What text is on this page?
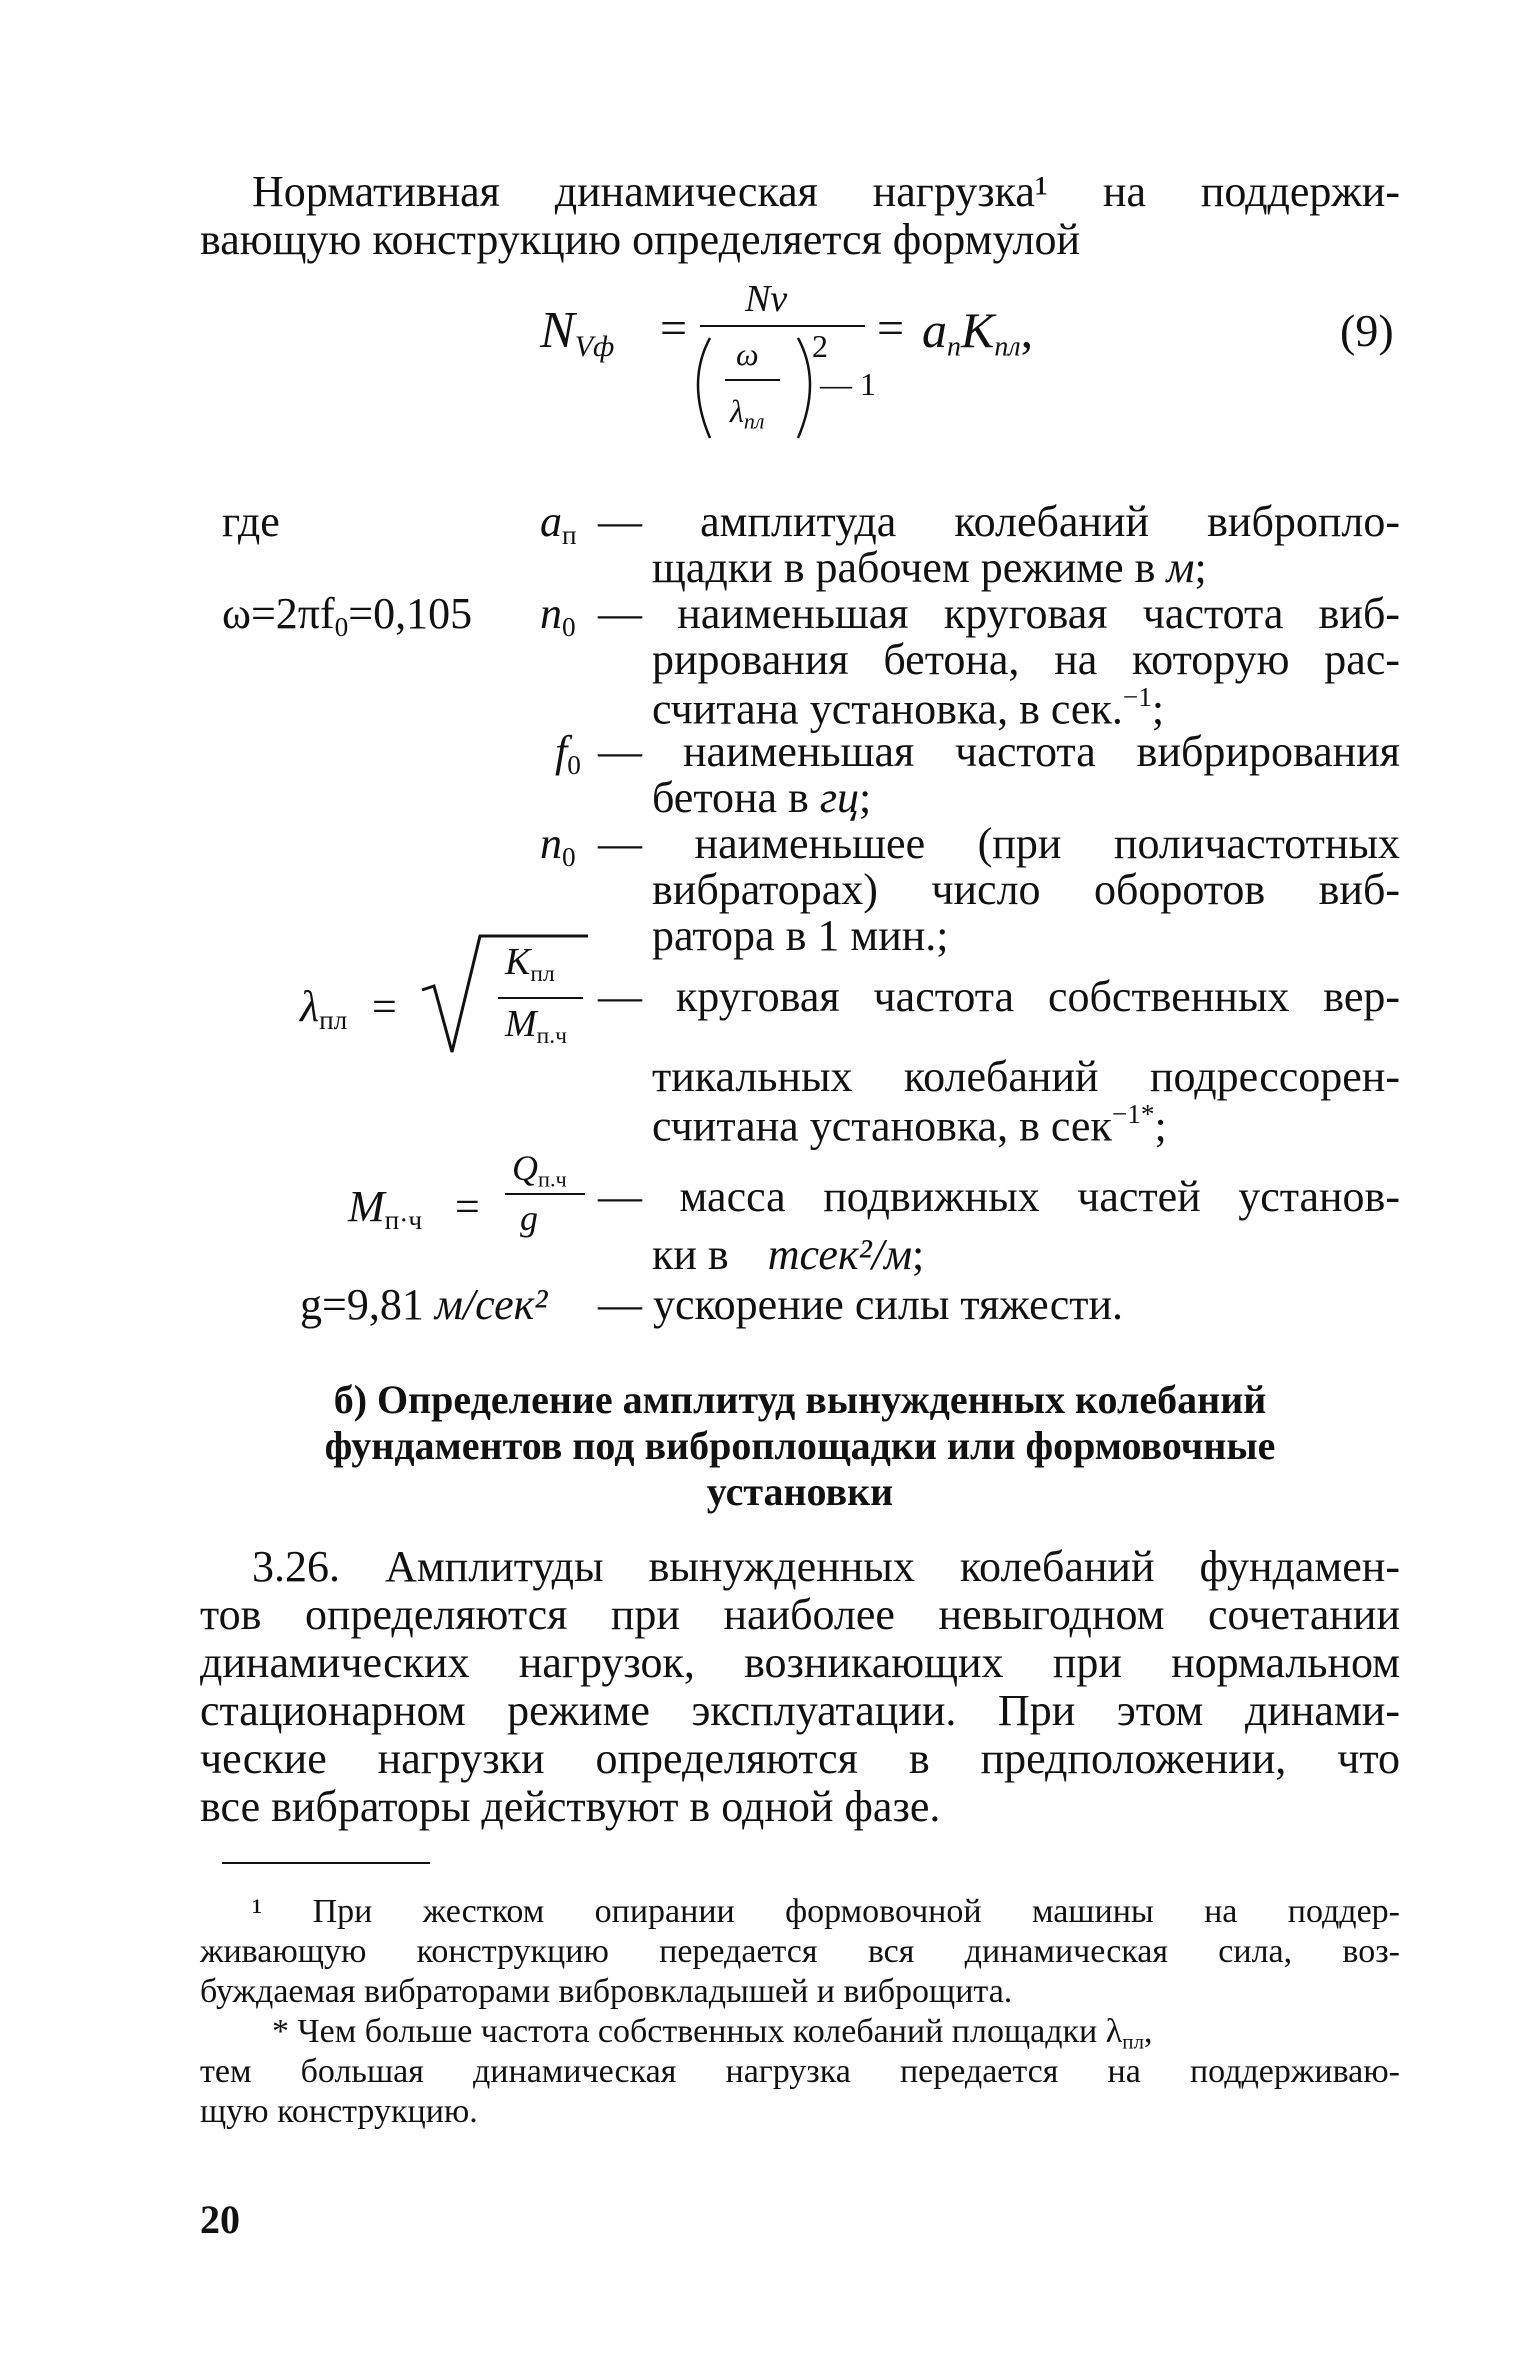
Нормативная динамическая нагрузка¹ на поддержи-
вающую конструкцию определяется формулой
$N_{Vф}$ =
Nv
ω
$\lambda_{пл}$
2
— 1
= $a_пK_{пл}$,	(9)
где	$a_п$ — амплитуда колебаний вибропло-
щадки в рабочем режиме в м;
$\omega=2\pi f_0=0,105$ $n_0$ — наименьшая круговая частота виб-
рирования бетона, на которую рас-
считана установка, в сек.$^{-1}$;
$f_0$ — наименьшая частота вибрирования
бетона в гц;
$n_0$ — наименьшее (при поличастотных
вибраторах) число оборотов виб-
ратора в 1 мин.;
$\lambda_{пл}$ =
$K_{пл}$
$M_{п.ч}$
— круговая частота собственных вер-
тикальных колебаний подрессорен-
считана установка, в сек$^{-1*}$;
$M_{п\cdot ч}$ =
$Q_{п.ч}$
g — масса подвижных частей установ-
ки в тсек²/м;
g=9,81 м/сек² — ускорение силы тяжести.
б) Определение амплитуд вынужденных колебаний
фундаментов под виброплощадки или формовочные
установки
3.26. Амплитуды вынужденных колебаний фундамен-
тов определяются при наиболее невыгодном сочетании
динамических нагрузок, возникающих при нормальном
стационарном режиме эксплуатации. При этом динами-
ческие нагрузки определяются в предположении, что
все вибраторы действуют в одной фазе.
¹ При жестком опирании формовочной машины на поддер-
живающую конструкцию передается вся динамическая сила, воз-
буждаемая вибраторами вибровкладышей и виброщита.
* Чем больше частота собственных колебаний площадки $\lambda_{пл}$,
тем большая динамическая нагрузка передается на поддерживаю-
щую конструкцию.
20
